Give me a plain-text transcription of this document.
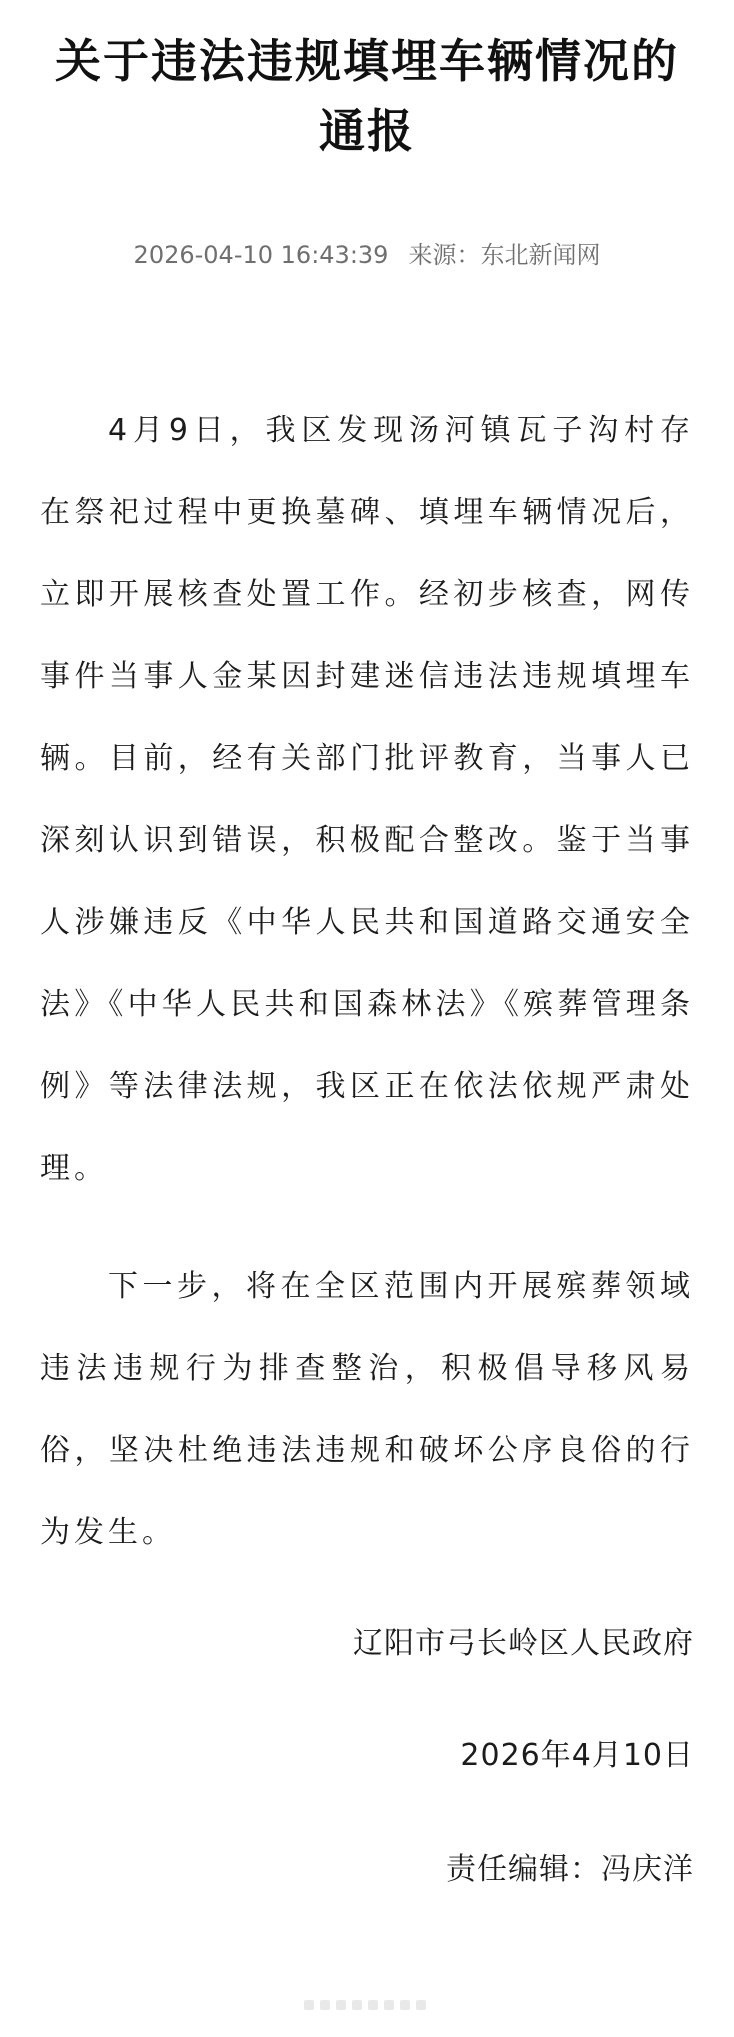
关于违法违规填埋车辆情况的通报
2026-04-10 16:43:39 来源：东北新闻网

4月9日，我区发现汤河镇瓦子沟村存在祭祀过程中更换墓碑、填埋车辆情况后，立即开展核查处置工作。经初步核查，网传事件当事人金某因封建迷信违法违规填埋车辆。目前，经有关部门批评教育，当事人已深刻认识到错误，积极配合整改。鉴于当事人涉嫌违反《中华人民共和国道路交通安全法》《中华人民共和国森林法》《殡葬管理条例》等法律法规，我区正在依法依规严肃处理。

下一步，将在全区范围内开展殡葬领域违法违规行为排查整治，积极倡导移风易俗，坚决杜绝违法违规和破坏公序良俗的行为发生。

辽阳市弓长岭区人民政府
2026年4月10日
责任编辑：冯庆洋
